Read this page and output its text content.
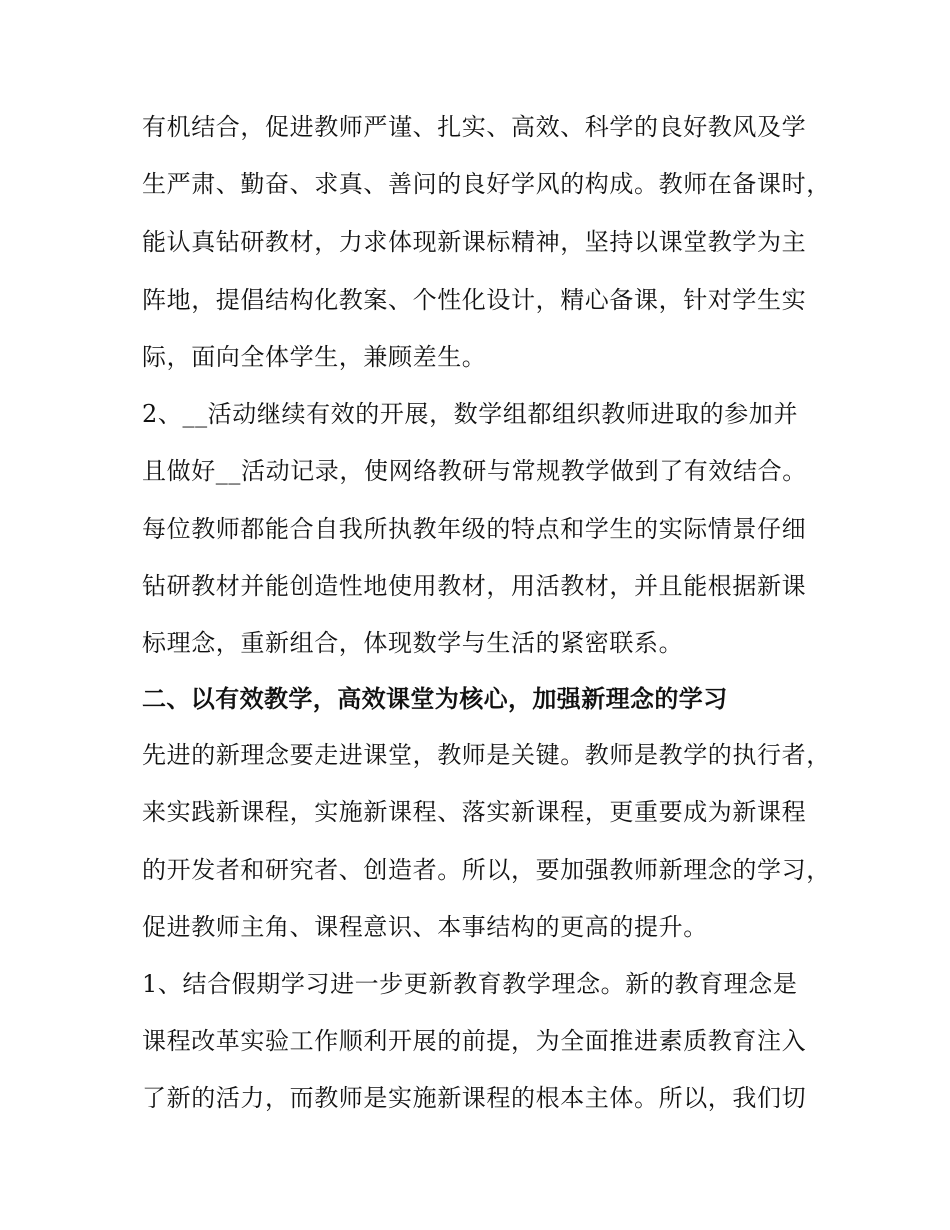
有机结合，促进教师严谨、扎实、高效、科学的良好教风及学
生严肃、勤奋、求真、善问的良好学风的构成。教师在备课时，
能认真钻研教材，力求体现新课标精神，坚持以课堂教学为主
阵地，提倡结构化教案、个性化设计，精心备课，针对学生实
际，面向全体学生，兼顾差生。
2、__活动继续有效的开展，数学组都组织教师进取的参加并
且做好__活动记录，使网络教研与常规教学做到了有效结合。
每位教师都能合自我所执教年级的特点和学生的实际情景仔细
钻研教材并能创造性地使用教材，用活教材，并且能根据新课
标理念，重新组合，体现数学与生活的紧密联系。
二、以有效教学，高效课堂为核心，加强新理念的学习
先进的新理念要走进课堂，教师是关键。教师是教学的执行者，
来实践新课程，实施新课程、落实新课程，更重要成为新课程
的开发者和研究者、创造者。所以，要加强教师新理念的学习，
促进教师主角、课程意识、本事结构的更高的提升。
1、结合假期学习进一步更新教育教学理念。新的教育理念是
课程改革实验工作顺利开展的前提，为全面推进素质教育注入
了新的活力，而教师是实施新课程的根本主体。所以，我们切
